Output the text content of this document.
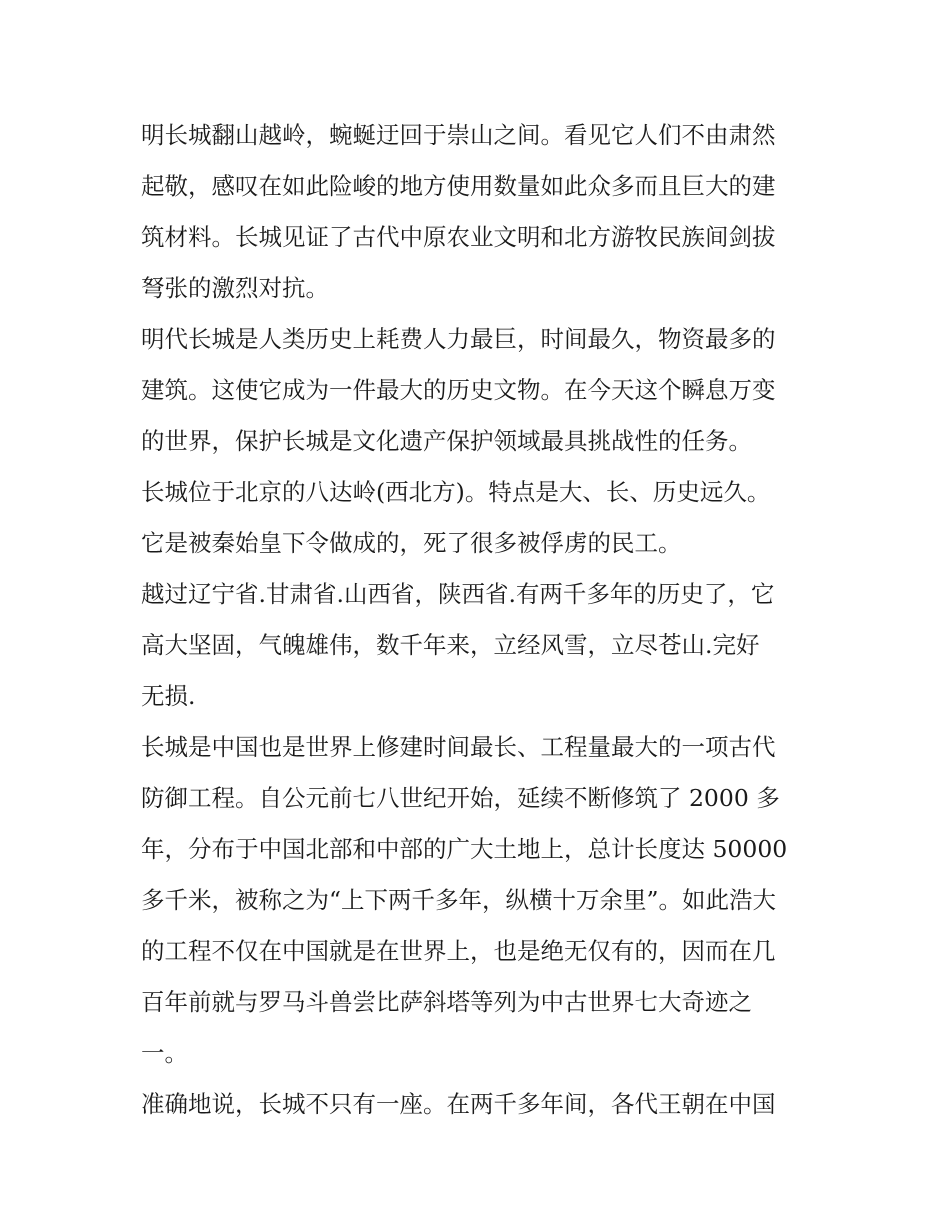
明长城翻山越岭，蜿蜒迂回于崇山之间。看见它人们不由肃然
起敬，感叹在如此险峻的地方使用数量如此众多而且巨大的建
筑材料。长城见证了古代中原农业文明和北方游牧民族间剑拔
弩张的激烈对抗。
明代长城是人类历史上耗费人力最巨，时间最久，物资最多的
建筑。这使它成为一件最大的历史文物。在今天这个瞬息万变
的世界，保护长城是文化遗产保护领域最具挑战性的任务。
长城位于北京的八达岭(西北方)。特点是大、长、历史远久。
它是被秦始皇下令做成的，死了很多被俘虏的民工。
越过辽宁省.甘肃省.山西省，陕西省.有两千多年的历史了，它
高大坚固，气魄雄伟，数千年来，立经风雪，立尽苍山.完好
无损.
长城是中国也是世界上修建时间最长、工程量最大的一项古代
防御工程。自公元前七八世纪开始，延续不断修筑了 2000 多
年，分布于中国北部和中部的广大土地上，总计长度达 50000
多千米，被称之为“上下两千多年，纵横十万余里”。如此浩大
的工程不仅在中国就是在世界上，也是绝无仅有的，因而在几
百年前就与罗马斗兽尝比萨斜塔等列为中古世界七大奇迹之
一。
准确地说，长城不只有一座。在两千多年间，各代王朝在中国
